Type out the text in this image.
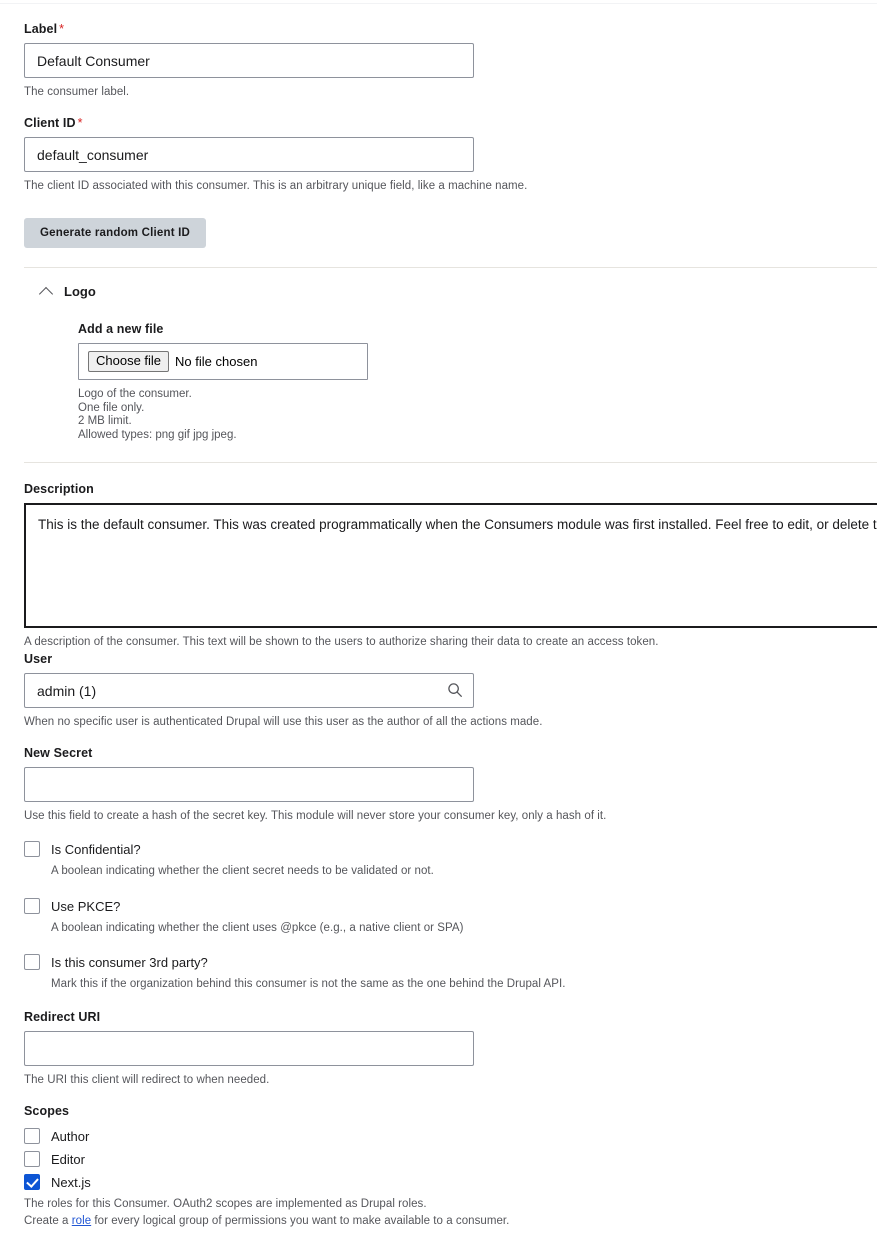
Label *
Default Consumer

The consumer label.

Client ID *
default_consumer

The client ID associated with this consumer. This is an arbitrary unique field, like a machine name.

Generate random Client ID
Logo
Add a new file
Choose file	No file chosen
Logo of the consumer.
One file only.
2 MB limit.
Allowed types: png gif jpg jpeg.
Description
This is the default consumer. This was created programmatically when the Consumers module was first installed. Feel free to edit, or delete this.

A description of the consumer. This text will be shown to the users to authorize sharing their data to create an access token.

User
admin (1)

When no specific user is authenticated Drupal will use this user as the author of all the actions made.

New Secret

Use this field to create a hash of the secret key. This module will never store your consumer key, only a hash of it.

Is Confidential?

A boolean indicating whether the client secret needs to be validated or not.

Use PKCE?

A boolean indicating whether the client uses @pkce (e.g., a native client or SPA)

Is this consumer 3rd party?

Mark this if the organization behind this consumer is not the same as the one behind the Drupal API.

Redirect URI

The URI this client will redirect to when needed.

Scopes
Author
Editor
Next.js

The roles for this Consumer. OAuth2 scopes are implemented as Drupal roles.

Create a role for every logical group of permissions you want to make available to a consumer.
